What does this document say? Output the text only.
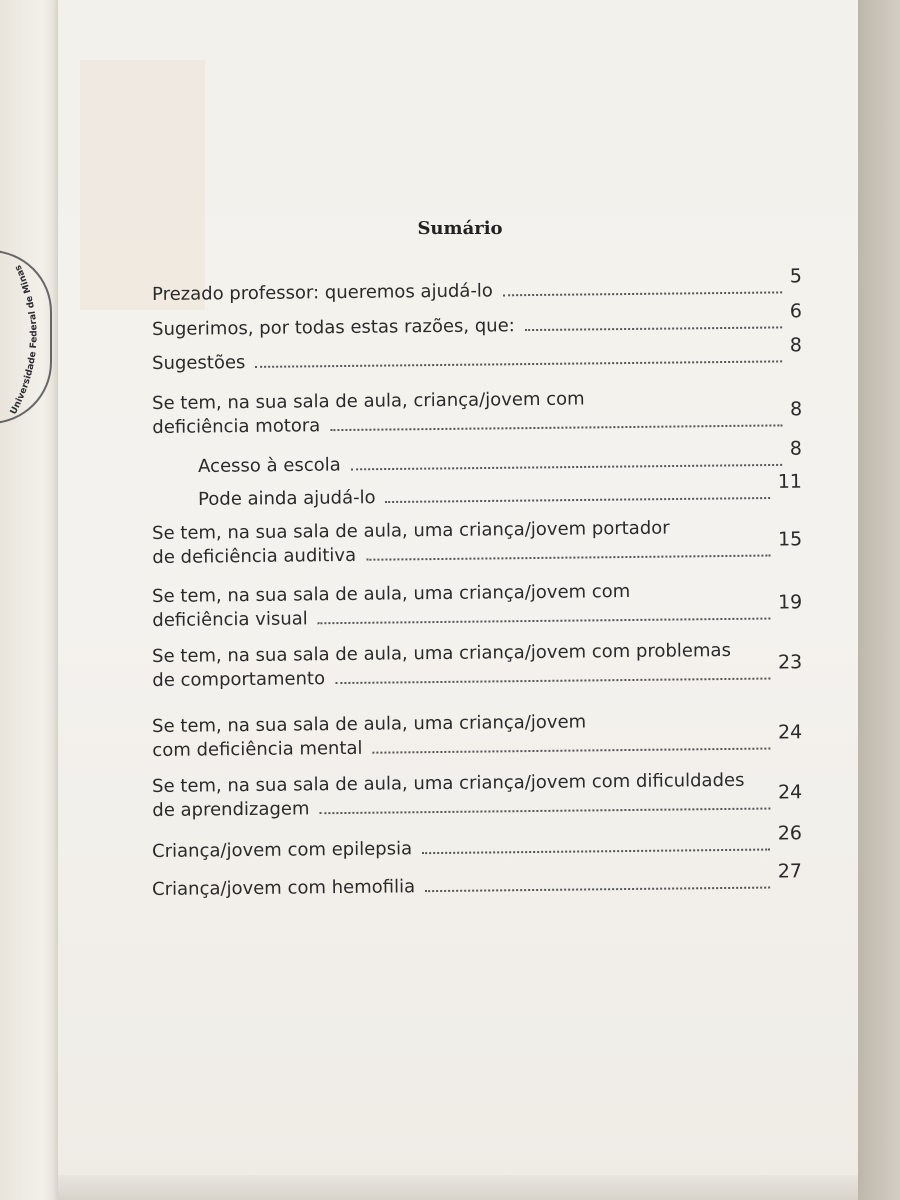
Universidade Federal de Minas
Sumário
Prezado professor: queremos ajudá-lo
5
Sugerimos, por todas estas razões, que:
6
Sugestões
8
Se tem, na sua sala de aula, criança/jovem com
deficiência motora
8
Acesso à escola
8
Pode ainda ajudá-lo
11
Se tem, na sua sala de aula, uma criança/jovem portador
de deficiência auditiva
15
Se tem, na sua sala de aula, uma criança/jovem com
deficiência visual
19
Se tem, na sua sala de aula, uma criança/jovem com problemas
de comportamento
23
Se tem, na sua sala de aula, uma criança/jovem
com deficiência mental
24
Se tem, na sua sala de aula, uma criança/jovem com dificuldades
de aprendizagem
24
Criança/jovem com epilepsia
26
Criança/jovem com hemofilia
27
